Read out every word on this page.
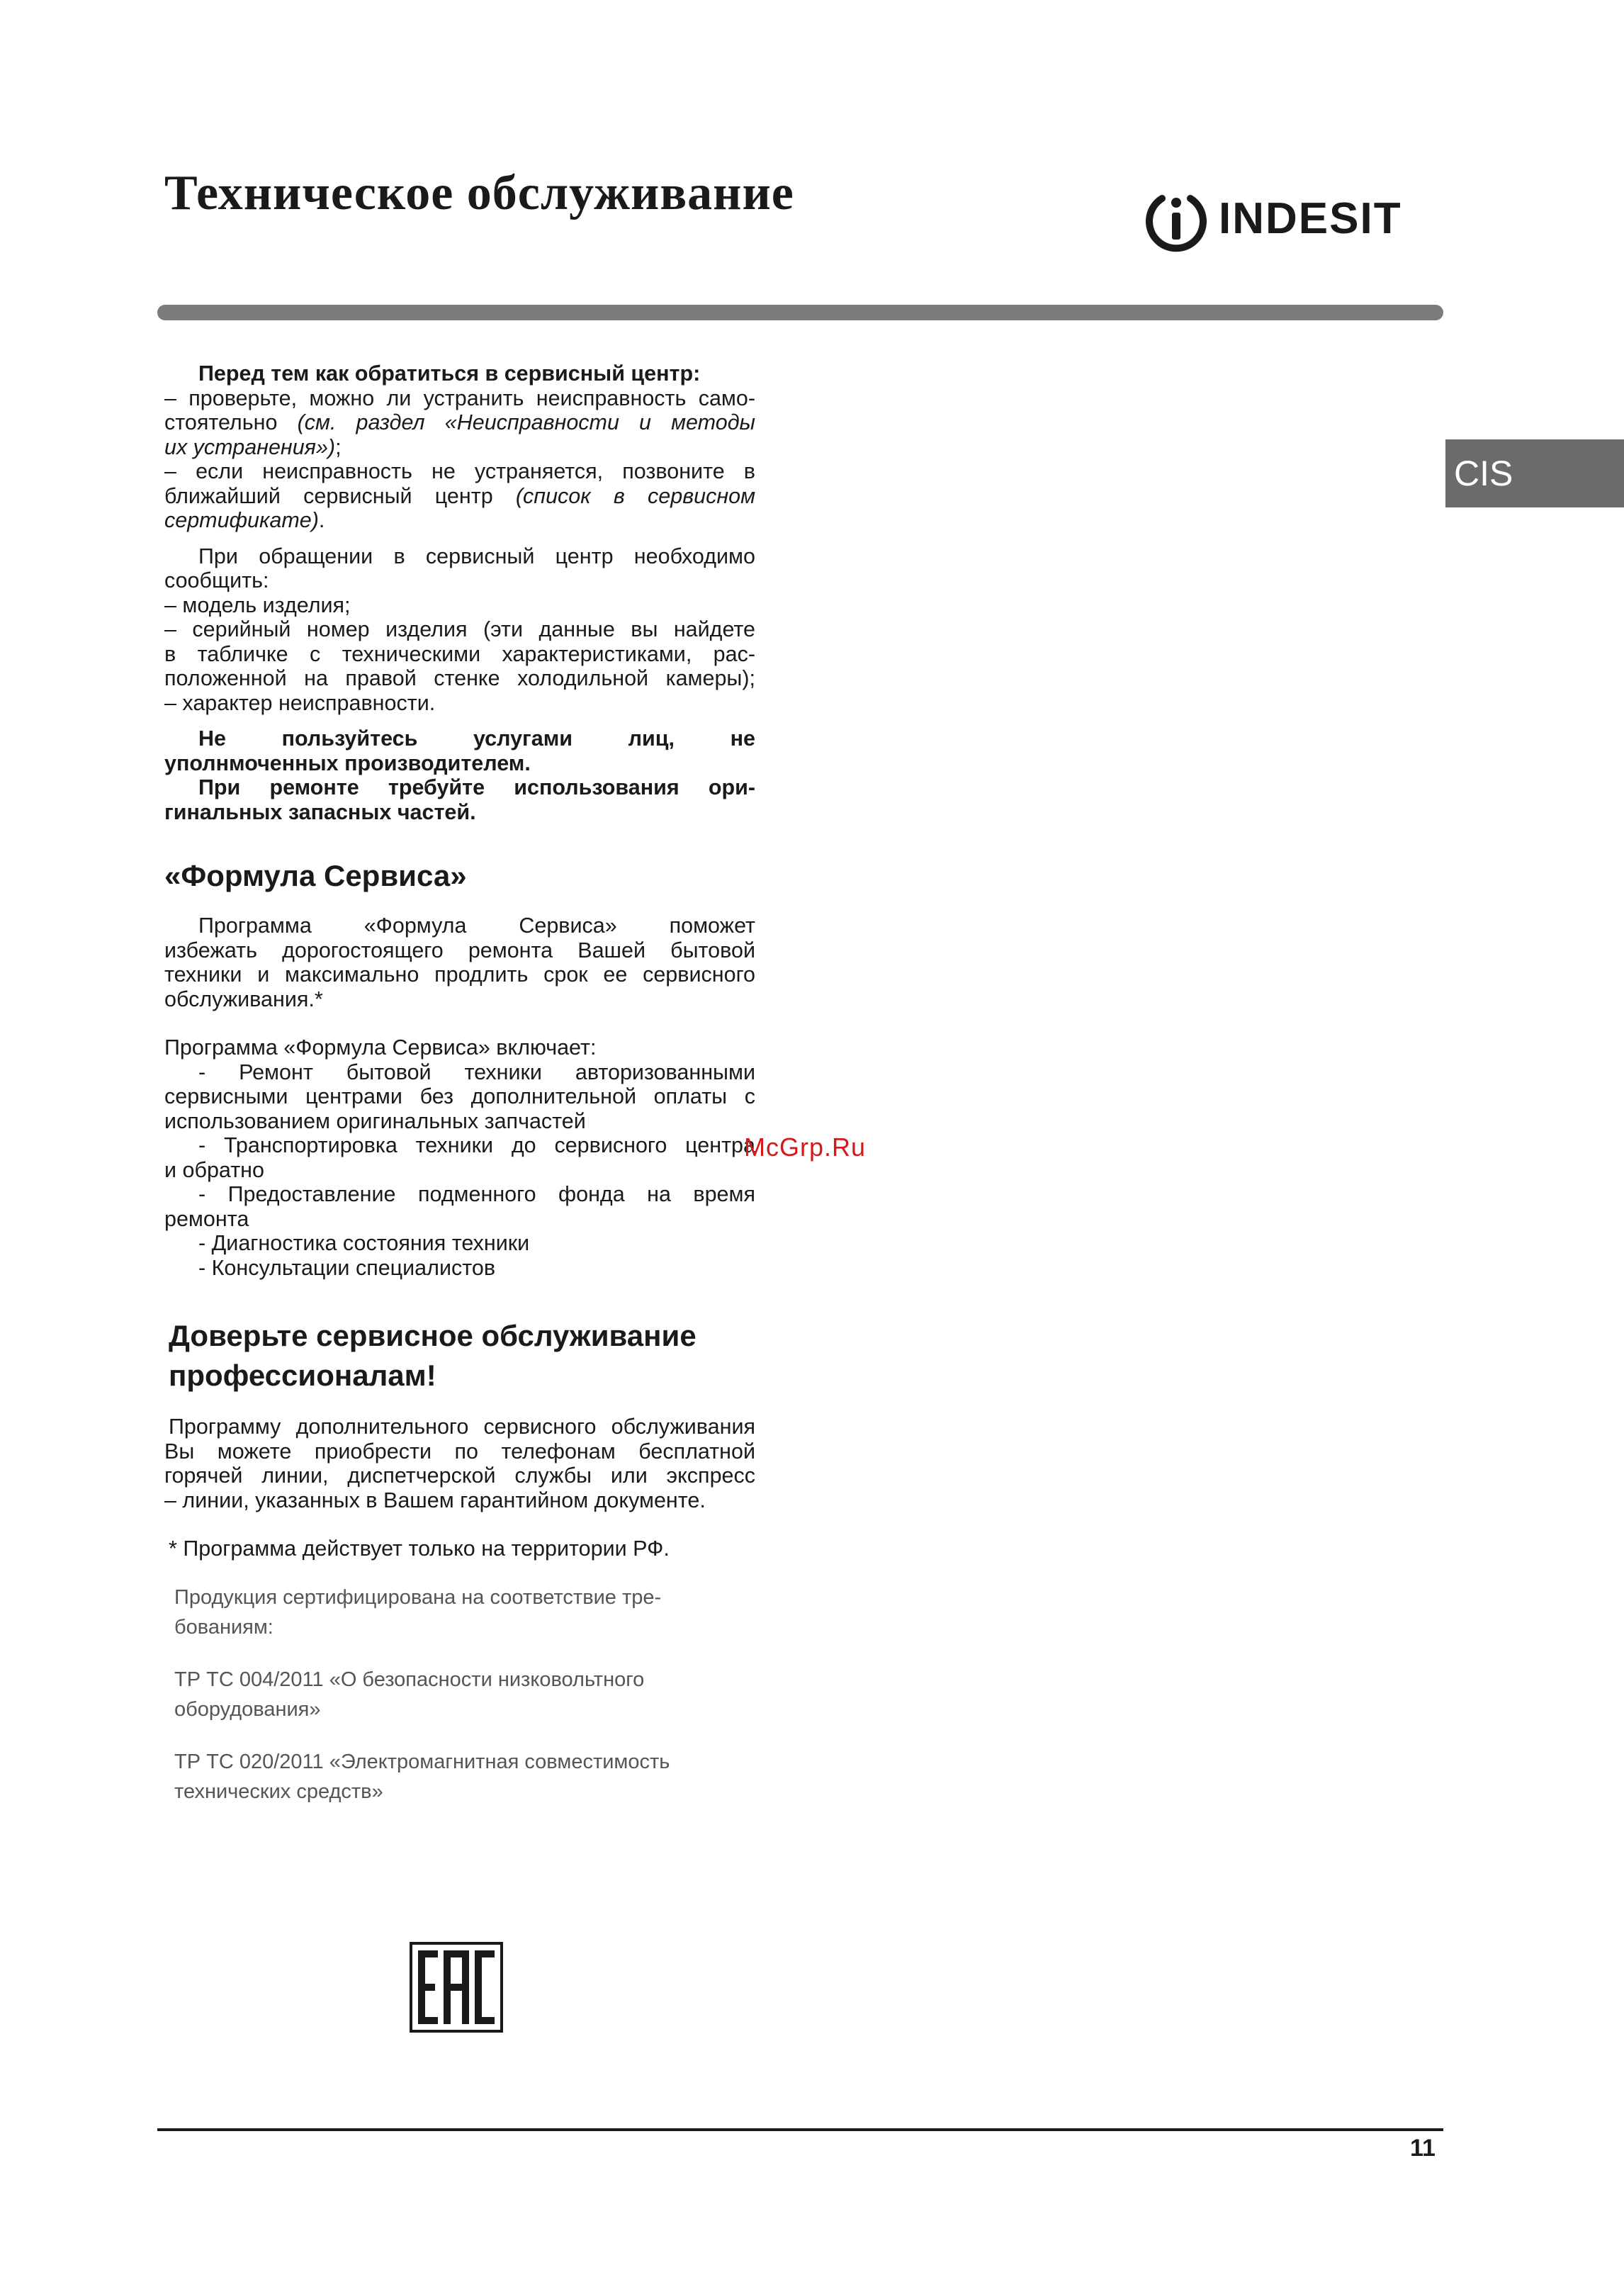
Техническое обслуживание	INDESIT
CIS

Перед тем как обратиться в сервисный центр:

– проверьте, можно ли устранить неисправность само-

стоятельно (см. раздел «Неисправности и методы

их устранения»);

– если неисправность не устраняется, позвоните в

ближайший сервисный центр (список в сервисном

сертификате).

При обращении в сервисный центр необходимо

сообщить:

– модель изделия;

– серийный номер изделия (эти данные вы найдете

в табличке с техническими характеристиками, рас-

положенной на правой стенке холодильной камеры);

– характер неисправности.

Не пользуйтесь услугами лиц, не

уполнмоченных производителем.

При ремонте требуйте использования ори-

гинальных запасных частей.

«Формула Сервиса»

Программа «Формула Сервиса» поможет

избежать дорогостоящего ремонта Вашей бытовой

техники и максимально продлить срок ее сервисного

обслуживания.*

Программа «Формула Сервиса» включает:

- Ремонт бытовой техники авторизованными

сервисными центрами без дополнительной оплаты с

использованием оригинальных запчастей

- Транспортировка техники до сервисного центра

и обратно

- Предоставление подменного фонда на время

ремонта

- Диагностика состояния техники

- Консультации специалистов

Доверьте сервисное обслуживание

профессионалам!

Программу дополнительного сервисного обслуживания

Вы можете приобрести по телефонам бесплатной

горячей линии, диспетчерской службы или экспресс

– линии, указанных в Вашем гарантийном документе.

* Программа действует только на территории РФ.

Продукция сертифицирована на соответствие тре-
бованиям:

ТР ТС 004/2011 «О безопасности низковольтного
оборудования»

ТР ТС 020/2011 «Электромагнитная совместимость
технических средств»

McGrp.Ru
11
